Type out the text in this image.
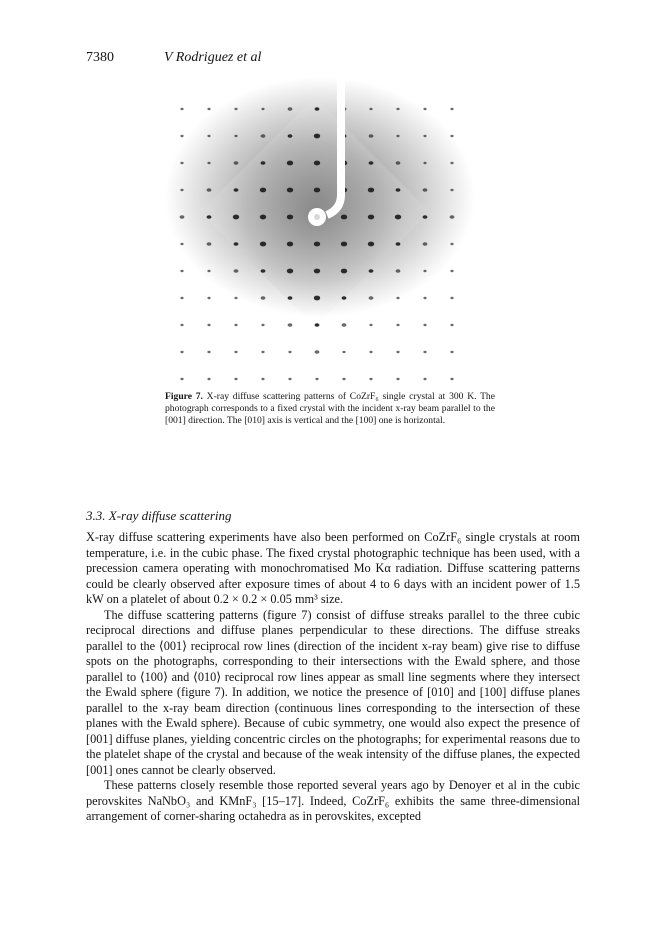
7380	V Rodriguez et al
Figure 7. X-ray diffuse scattering patterns of CoZrF₆ single crystal at 300 K. The photograph corresponds to a fixed crystal with the incident x-ray beam parallel to the [001] direction. The [010] axis is vertical and the [100] one is horizontal.
3.3. X-ray diffuse scattering

X-ray diffuse scattering experiments have also been performed on CoZrF₆ single crystals at room temperature, i.e. in the cubic phase. The fixed crystal photographic technique has been used, with a precession camera operating with monochromatised Mo Kα radiation. Diffuse scattering patterns could be clearly observed after exposure times of about 4 to 6 days with an incident power of 1.5 kW on a platelet of about 0.2 × 0.2 × 0.05 mm³ size.

The diffuse scattering patterns (figure 7) consist of diffuse streaks parallel to the three cubic reciprocal directions and diffuse planes perpendicular to these directions. The diffuse streaks parallel to the ⟨001⟩ reciprocal row lines (direction of the incident x-ray beam) give rise to diffuse spots on the photographs, corresponding to their intersections with the Ewald sphere, and those parallel to ⟨100⟩ and ⟨010⟩ reciprocal row lines appear as small line segments where they intersect the Ewald sphere (figure 7). In addition, we notice the presence of [010] and [100] diffuse planes parallel to the x-ray beam direction (continuous lines corresponding to the intersection of these planes with the Ewald sphere). Because of cubic symmetry, one would also expect the presence of [001] diffuse planes, yielding concentric circles on the photographs; for experimental reasons due to the platelet shape of the crystal and because of the weak intensity of the diffuse planes, the expected [001] ones cannot be clearly observed.

These patterns closely resemble those reported several years ago by Denoyer et al in the cubic perovskites NaNbO₃ and KMnF₃ [15–17]. Indeed, CoZrF₆ exhibits the same three-dimensional arrangement of corner-sharing octahedra as in perovskites, excepted
